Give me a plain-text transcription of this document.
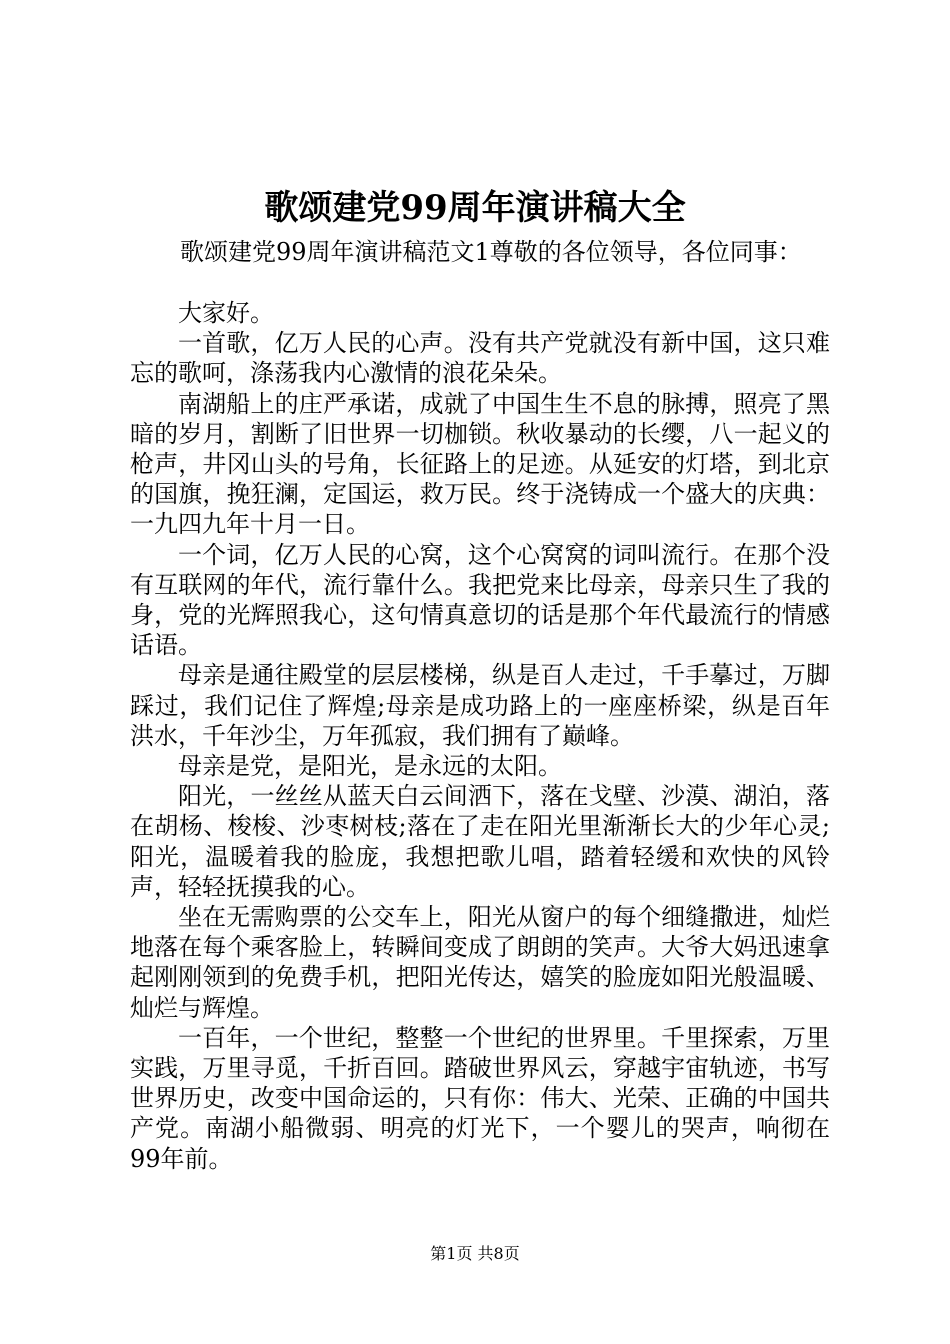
歌颂建党99周年演讲稿大全
歌颂建党99周年演讲稿范文1尊敬的各位领导，各位同事：

大家好。

一首歌，亿万人民的心声。没有共产党就没有新中国，这只难忘的歌呵，涤荡我内心激情的浪花朵朵。

南湖船上的庄严承诺，成就了中国生生不息的脉搏，照亮了黑暗的岁月，割断了旧世界一切枷锁。秋收暴动的长缨，八一起义的枪声，井冈山头的号角，长征路上的足迹。从延安的灯塔，到北京的国旗，挽狂澜，定国运，救万民。终于浇铸成一个盛大的庆典：一九四九年十月一日。

一个词，亿万人民的心窝，这个心窝窝的词叫流行。在那个没有互联网的年代，流行靠什么。我把党来比母亲，母亲只生了我的身，党的光辉照我心，这句情真意切的话是那个年代最流行的情感话语。

母亲是通往殿堂的层层楼梯，纵是百人走过，千手摹过，万脚踩过，我们记住了辉煌;母亲是成功路上的一座座桥梁，纵是百年洪水，千年沙尘，万年孤寂，我们拥有了巅峰。

母亲是党，是阳光，是永远的太阳。

阳光，一丝丝从蓝天白云间洒下，落在戈壁、沙漠、湖泊，落在胡杨、梭梭、沙枣树枝;落在了走在阳光里渐渐长大的少年心灵;阳光，温暖着我的脸庞，我想把歌儿唱，踏着轻缓和欢快的风铃声，轻轻抚摸我的心。

坐在无需购票的公交车上，阳光从窗户的每个细缝撒进，灿烂地落在每个乘客脸上，转瞬间变成了朗朗的笑声。大爷大妈迅速拿起刚刚领到的免费手机，把阳光传达，嬉笑的脸庞如阳光般温暖、灿烂与辉煌。

一百年，一个世纪，整整一个世纪的世界里。千里探索，万里实践，万里寻觅，千折百回。踏破世界风云，穿越宇宙轨迹，书写世界历史，改变中国命运的，只有你：伟大、光荣、正确的中国共产党。南湖小船微弱、明亮的灯光下，一个婴儿的哭声，响彻在99年前。

第1页 共8页
